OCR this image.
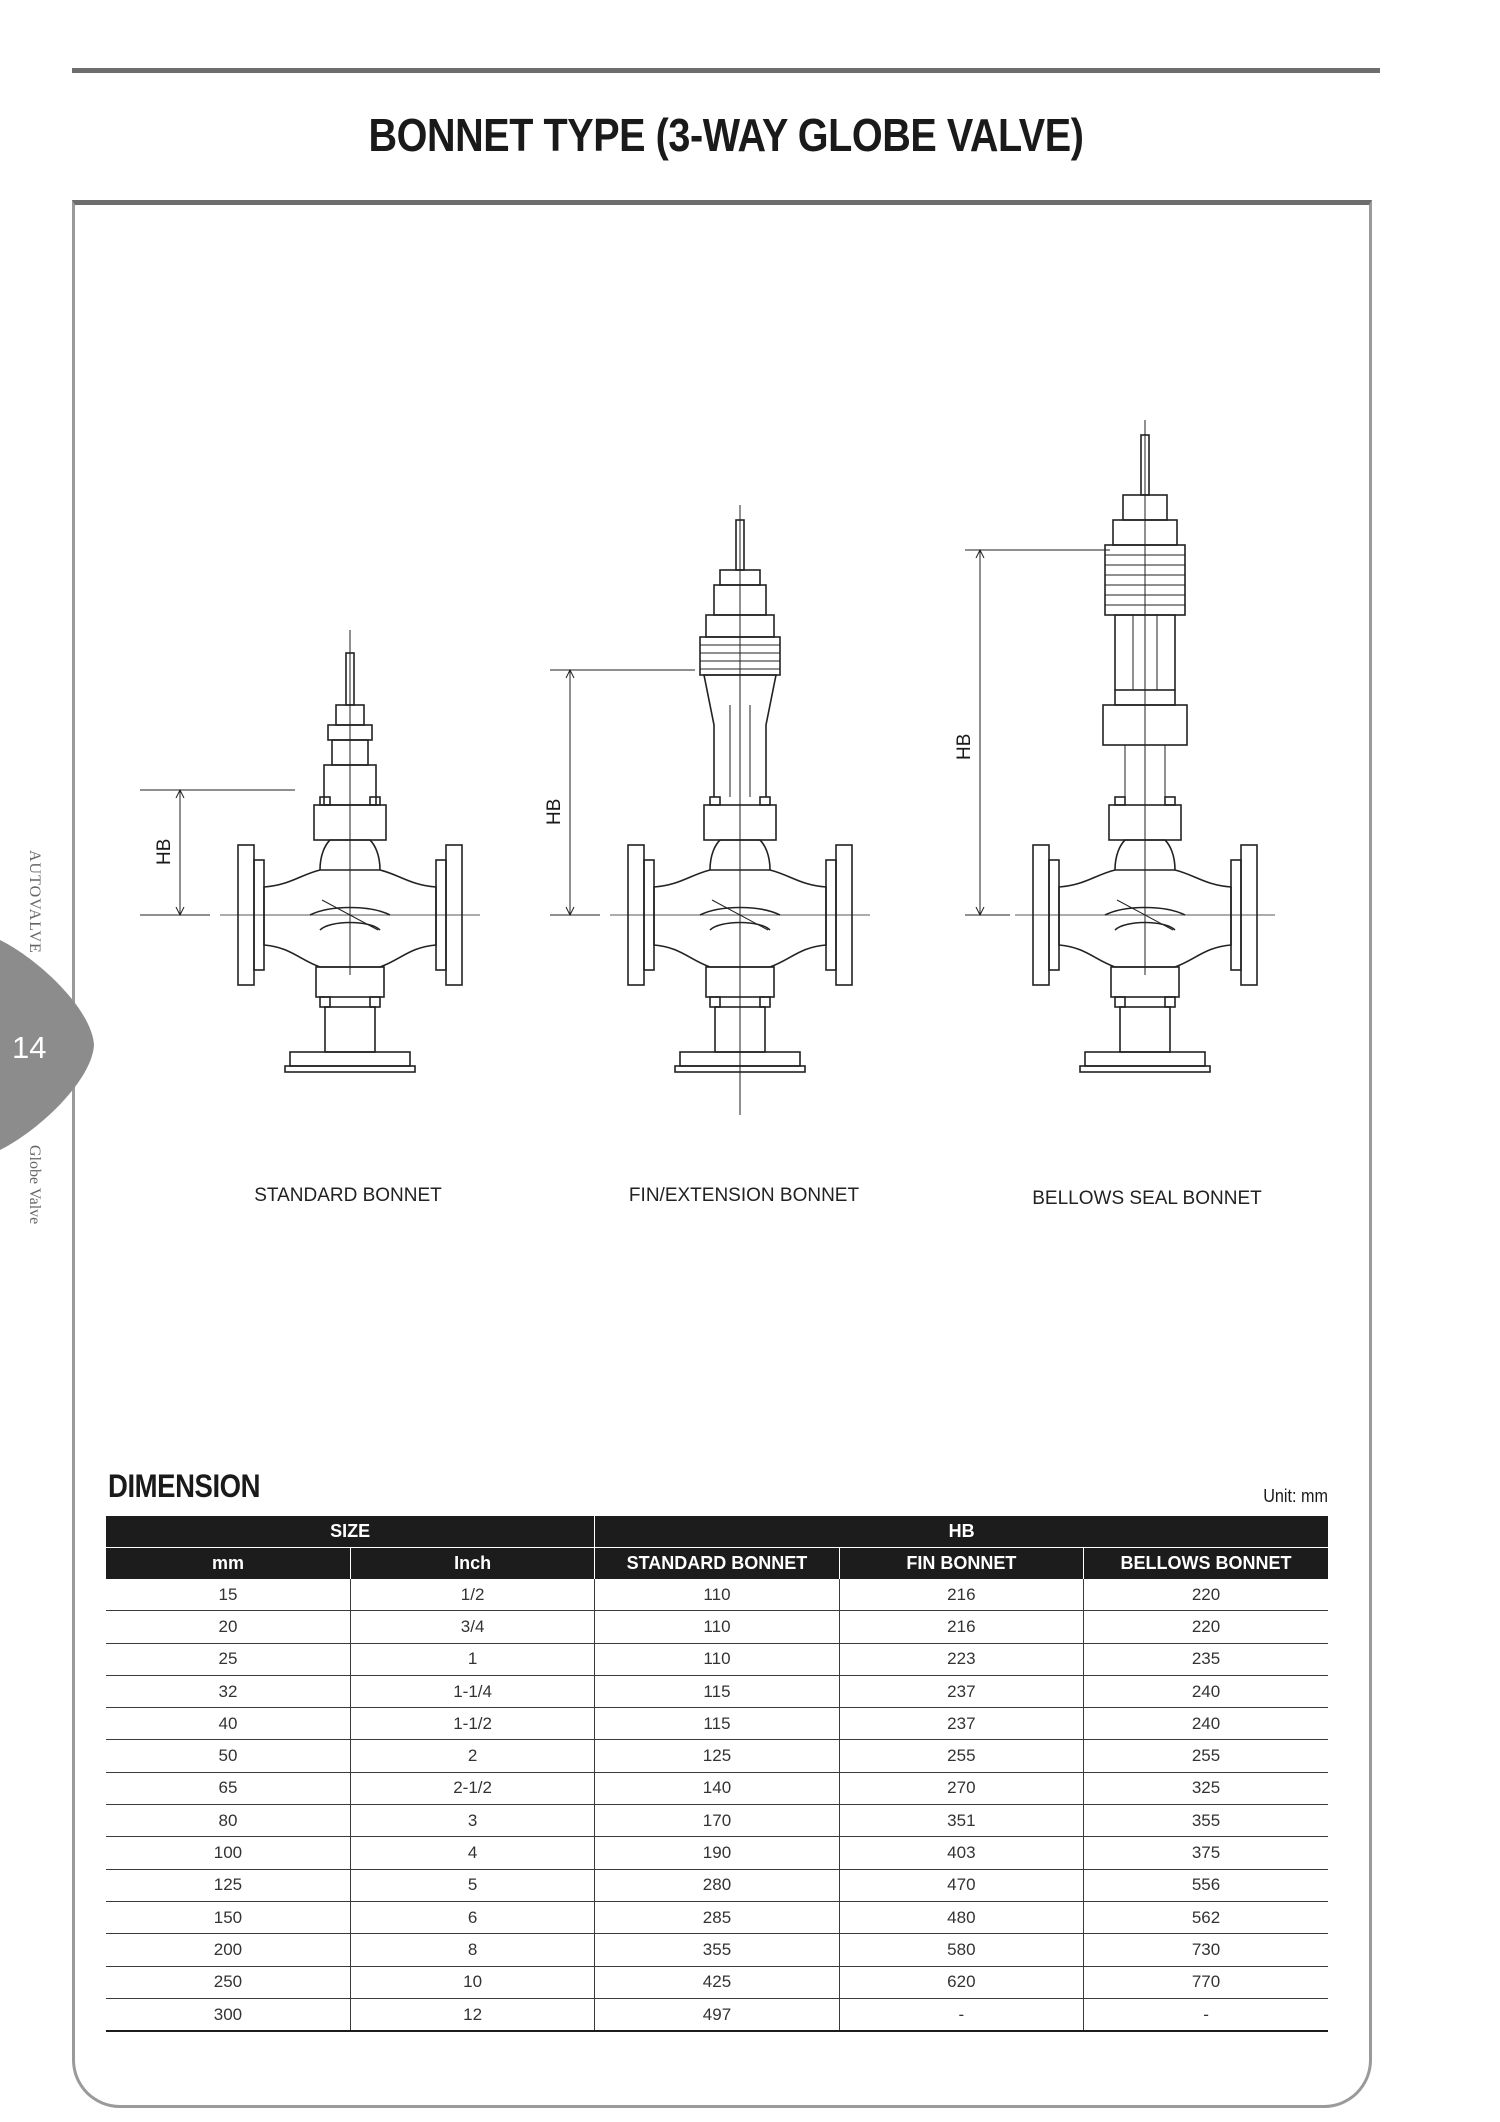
BONNET TYPE (3-WAY GLOBE VALVE)
14
AUTOVALVE
Globe Valve
HB
HB
HB
STANDARD BONNET	FIN/EXTENSION BONNET	BELLOWS SEAL BONNET
DIMENSION	Unit: mm
SIZE		HB		
mm	Inch	STANDARD BONNET	FIN BONNET	BELLOWS BONNET
15	1/2	110	216	220
20	3/4	110	216	220
25	1	110	223	235
32	1-1/4	115	237	240
40	1-1/2	115	237	240
50	2	125	255	255
65	2-1/2	140	270	325
80	3	170	351	355
100	4	190	403	375
125	5	280	470	556
150	6	285	480	562
200	8	355	580	730
250	10	425	620	770
300	12	497	-	-
